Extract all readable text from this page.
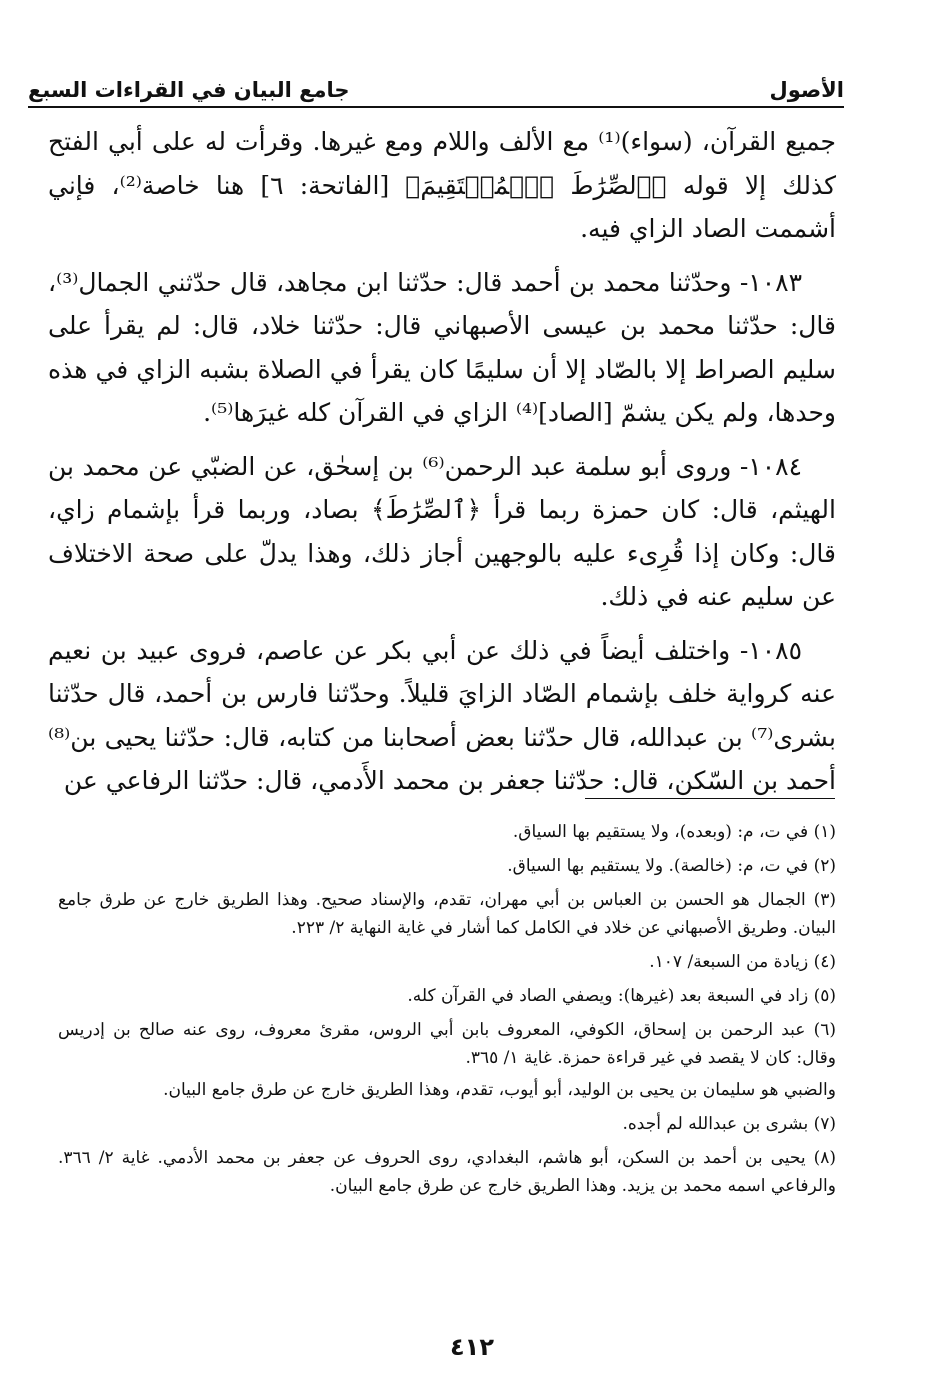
الأصول
جامع البيان في القراءات السبع

جميع القرآن، (سواء)⁽¹⁾ مع الألف واللام ومع غيرها. وقرأت له على أبي الفتح كذلك إلا قوله ﴿ٱلصِّرَٰطَ ٱلۡمُسۡتَقِيمَ﴾ [الفاتحة: ٦] هنا خاصة⁽²⁾، فإني أشممت الصاد الزاي فيه.

١٠٨٣- وحدّثنا محمد بن أحمد قال: حدّثنا ابن مجاهد، قال حدّثني الجمال⁽³⁾، قال: حدّثنا محمد بن عيسى الأصبهاني قال: حدّثنا خلاد، قال: لم يقرأ على سليم الصراط إلا بالصّاد إلا أن سليمًا كان يقرأ في الصلاة بشبه الزاي في هذه وحدها، ولم يكن يشمّ [الصاد]⁽⁴⁾ الزاي في القرآن كله غيرَها⁽⁵⁾.

١٠٨٤- وروى أبو سلمة عبد الرحمن⁽⁶⁾ بن إسحٰق، عن الضبّي عن محمد بن الهيثم، قال: كان حمزة ربما قرأ ﴿ٱلصِّرَٰطَ﴾ بصاد، وربما قرأ بإشمام زاي، قال: وكان إذا قُرِىء عليه بالوجهين أجاز ذلك، وهذا يدلّ على صحة الاختلاف عن سليم عنه في ذلك.

١٠٨٥- واختلف أيضاً في ذلك عن أبي بكر عن عاصم، فروى عبيد بن نعيم عنه كرواية خلف بإشمام الصّاد الزايَ قليلاً. وحدّثنا فارس بن أحمد، قال حدّثنا بشرى⁽⁷⁾ بن عبدالله، قال حدّثنا بعض أصحابنا من كتابه، قال: حدّثنا يحيى بن⁽⁸⁾ أحمد بن السّكن، قال: حدّثنا جعفر بن محمد الأَدمي، قال: حدّثنا الرفاعي عن

(١) في ت، م: (وبعده)، ولا يستقيم بها السياق.
(٢) في ت، م: (خالصة). ولا يستقيم بها السياق.
(٣) الجمال هو الحسن بن العباس بن أبي مهران، تقدم، والإسناد صحيح. وهذا الطريق خارج عن طرق جامع البيان. وطريق الأصبهاني عن خلاد في الكامل كما أشار في غاية النهاية ٢/ ٢٢٣.
(٤) زيادة من السبعة/ ١٠٧.
(٥) زاد في السبعة بعد (غيرها): ويصفي الصاد في القرآن كله.
(٦) عبد الرحمن بن إسحاق، الكوفي، المعروف بابن أبي الروس، مقرئ معروف، روى عنه صالح بن إدريس وقال: كان لا يقصد في غير قراءة حمزة. غاية ١/ ٣٦٥.
والضبي هو سليمان بن يحيى بن الوليد، أبو أيوب، تقدم، وهذا الطريق خارج عن طرق جامع البيان.
(٧) بشرى بن عبدالله لم أجده.
(٨) يحيى بن أحمد بن السكن، أبو هاشم، البغدادي، روى الحروف عن جعفر بن محمد الأدمي. غاية ٢/ ٣٦٦. والرفاعي اسمه محمد بن يزيد. وهذا الطريق خارج عن طرق جامع البيان.
٤١٢
